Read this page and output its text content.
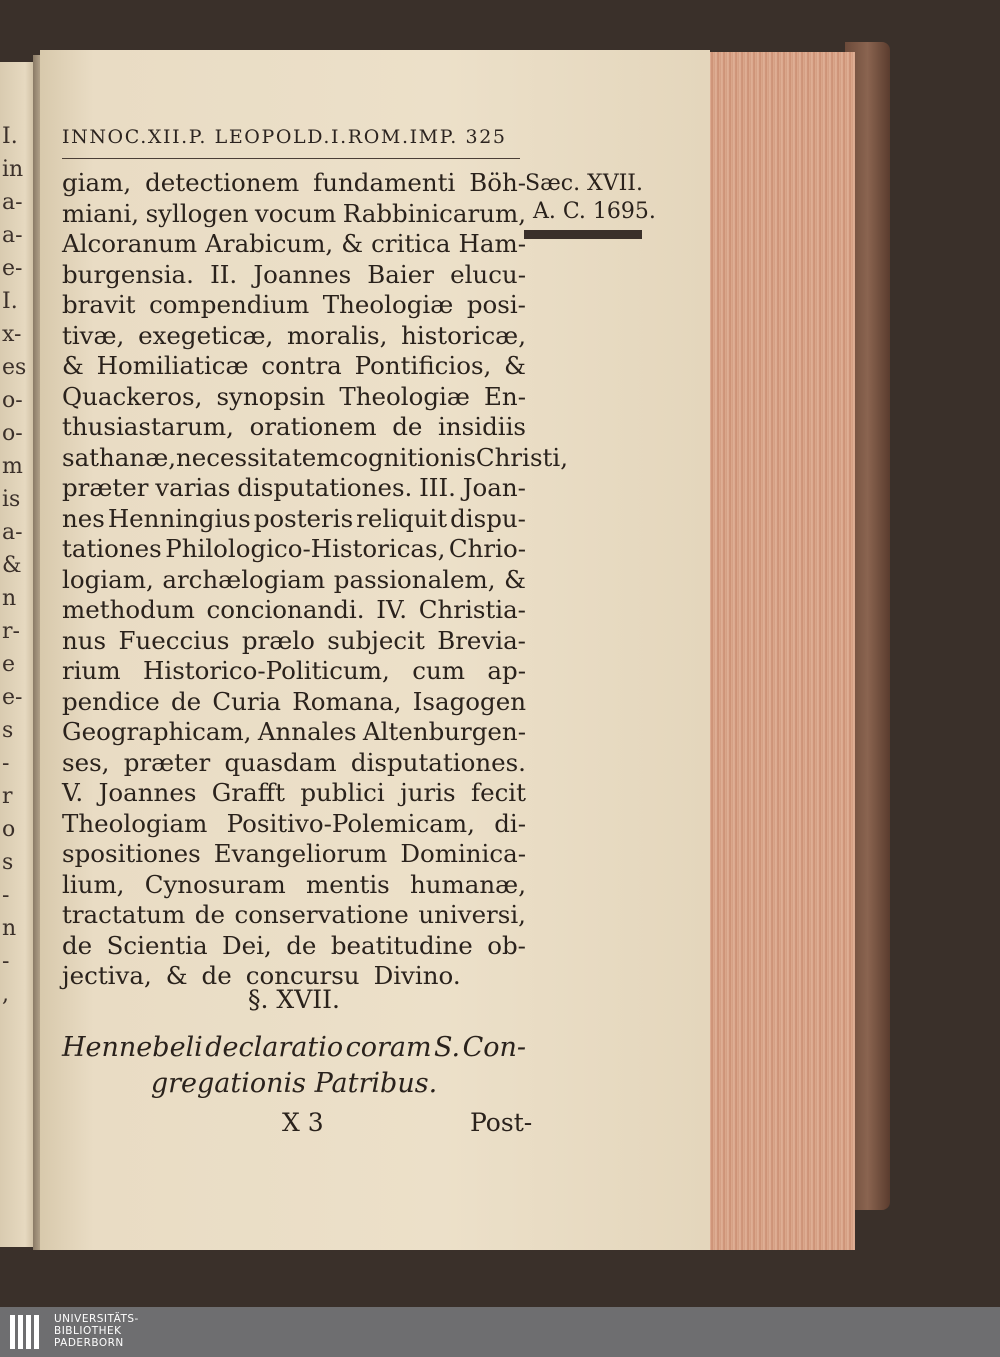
I.
in
a-
a-
e-
I.
x-
es
o-
o-
m
is
a-
&
n
r-
e
e-
s
-
r
o
s
-
n
-
,
INNOC.XII.P. LEOPOLD.I.ROM.IMP. 325
Sæc. XVII.
A. C. 1695.
giam, detectionem fundamenti Böh-
miani, syllogen vocum Rabbinicarum,
Alcoranum Arabicum, & critica Ham-
burgensia. II. Joannes Baier elucu-
bravit compendium Theologiæ posi-
tivæ, exegeticæ, moralis, historicæ,
& Homiliaticæ contra Pontificios, &
Quackeros, synopsin Theologiæ En-
thusiastarum, orationem de insidiis
sathanæ,necessitatem cognitionisChristi,
præter varias disputationes. III. Joan-
nes Henningius posteris reliquit dispu-
tationes Philologico-Historicas, Chrio-
logiam, archælogiam passionalem, &
methodum concionandi. IV. Christia-
nus Fueccius prælo subjecit Brevia-
rium Historico-Politicum, cum ap-
pendice de Curia Romana, Isagogen
Geographicam, Annales Altenburgen-
ses, præter quasdam disputationes.
V. Joannes Grafft publici juris fecit
Theologiam Positivo-Polemicam, di-
spositiones Evangeliorum Dominica-
lium, Cynosuram mentis humanæ,
tractatum de conservatione universi,
de Scientia Dei, de beatitudine ob-
jectiva, & de concursu Divino.
§. XVII.
Hennebeli declaratio coram S. Con-
gregationis Patribus.
X 3	Post-
UNIVERSITÄTS-
BIBLIOTHEK
PADERBORN
